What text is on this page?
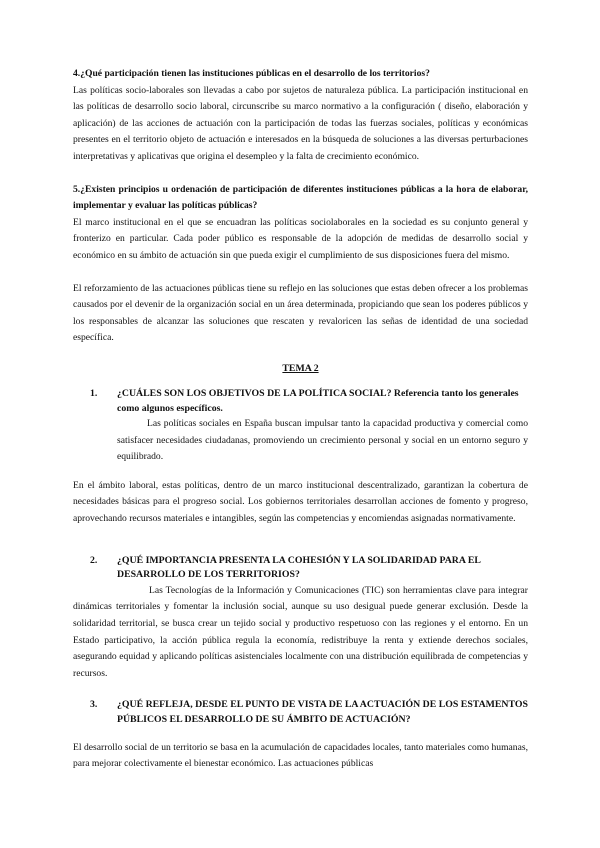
4.¿Qué participación tienen las instituciones públicas en el desarrollo de los territorios?

Las políticas socio-laborales son llevadas a cabo por sujetos de naturaleza pública. La participación institucional en las políticas de desarrollo socio laboral, circunscribe su marco normativo a la configuración ( diseño, elaboración y aplicación) de las acciones de actuación con la participación de todas las fuerzas sociales, políticas y económicas presentes en el territorio objeto de actuación e interesados en la búsqueda de soluciones a las diversas perturbaciones interpretativas y aplicativas que origina el desempleo y la falta de crecimiento económico.

5.¿Existen principios u ordenación de participación de diferentes instituciones públicas a la hora de elaborar, implementar y evaluar las políticas públicas?

El marco institucional en el que se encuadran las políticas sociolaborales en la sociedad es su conjunto general y fronterizo en particular. Cada poder público es responsable de la adopción de medidas de desarrollo social y económico en su ámbito de actuación sin que pueda exigir el cumplimiento de sus disposiciones fuera del mismo.

El reforzamiento de las actuaciones públicas tiene su reflejo en las soluciones que estas deben ofrecer a los problemas causados por el devenir de la organización social en un área determinada, propiciando que sean los poderes públicos y los responsables de alcanzar las soluciones que rescaten y revaloricen las señas de identidad de una sociedad específica.

TEMA 2
1. ¿CUÁLES SON LOS OBJETIVOS DE LA POLÍTICA SOCIAL? Referencia tanto los generales como algunos específicos.

Las políticas sociales en España buscan impulsar tanto la capacidad productiva y comercial como satisfacer necesidades ciudadanas, promoviendo un crecimiento personal y social en un entorno seguro y equilibrado.

En el ámbito laboral, estas políticas, dentro de un marco institucional descentralizado, garantizan la cobertura de necesidades básicas para el progreso social. Los gobiernos territoriales desarrollan acciones de fomento y progreso, aprovechando recursos materiales e intangibles, según las competencias y encomiendas asignadas normativamente.

2. ¿QUÉ IMPORTANCIA PRESENTA LA COHESIÓN Y LA SOLIDARIDAD PARA EL DESARROLLO DE LOS TERRITORIOS?

Las Tecnologías de la Información y Comunicaciones (TIC) son herramientas clave para integrar dinámicas territoriales y fomentar la inclusión social, aunque su uso desigual puede generar exclusión. Desde la solidaridad territorial, se busca crear un tejido social y productivo respetuoso con las regiones y el entorno. En un Estado participativo, la acción pública regula la economía, redistribuye la renta y extiende derechos sociales, asegurando equidad y aplicando políticas asistenciales localmente con una distribución equilibrada de competencias y recursos.

3. ¿QUÉ REFLEJA, DESDE EL PUNTO DE VISTA DE LA ACTUACIÓN DE LOS ESTAMENTOS PÚBLICOS EL DESARROLLO DE SU ÁMBITO DE ACTUACIÓN?

El desarrollo social de un territorio se basa en la acumulación de capacidades locales, tanto materiales como humanas, para mejorar colectivamente el bienestar económico. Las actuaciones públicas
